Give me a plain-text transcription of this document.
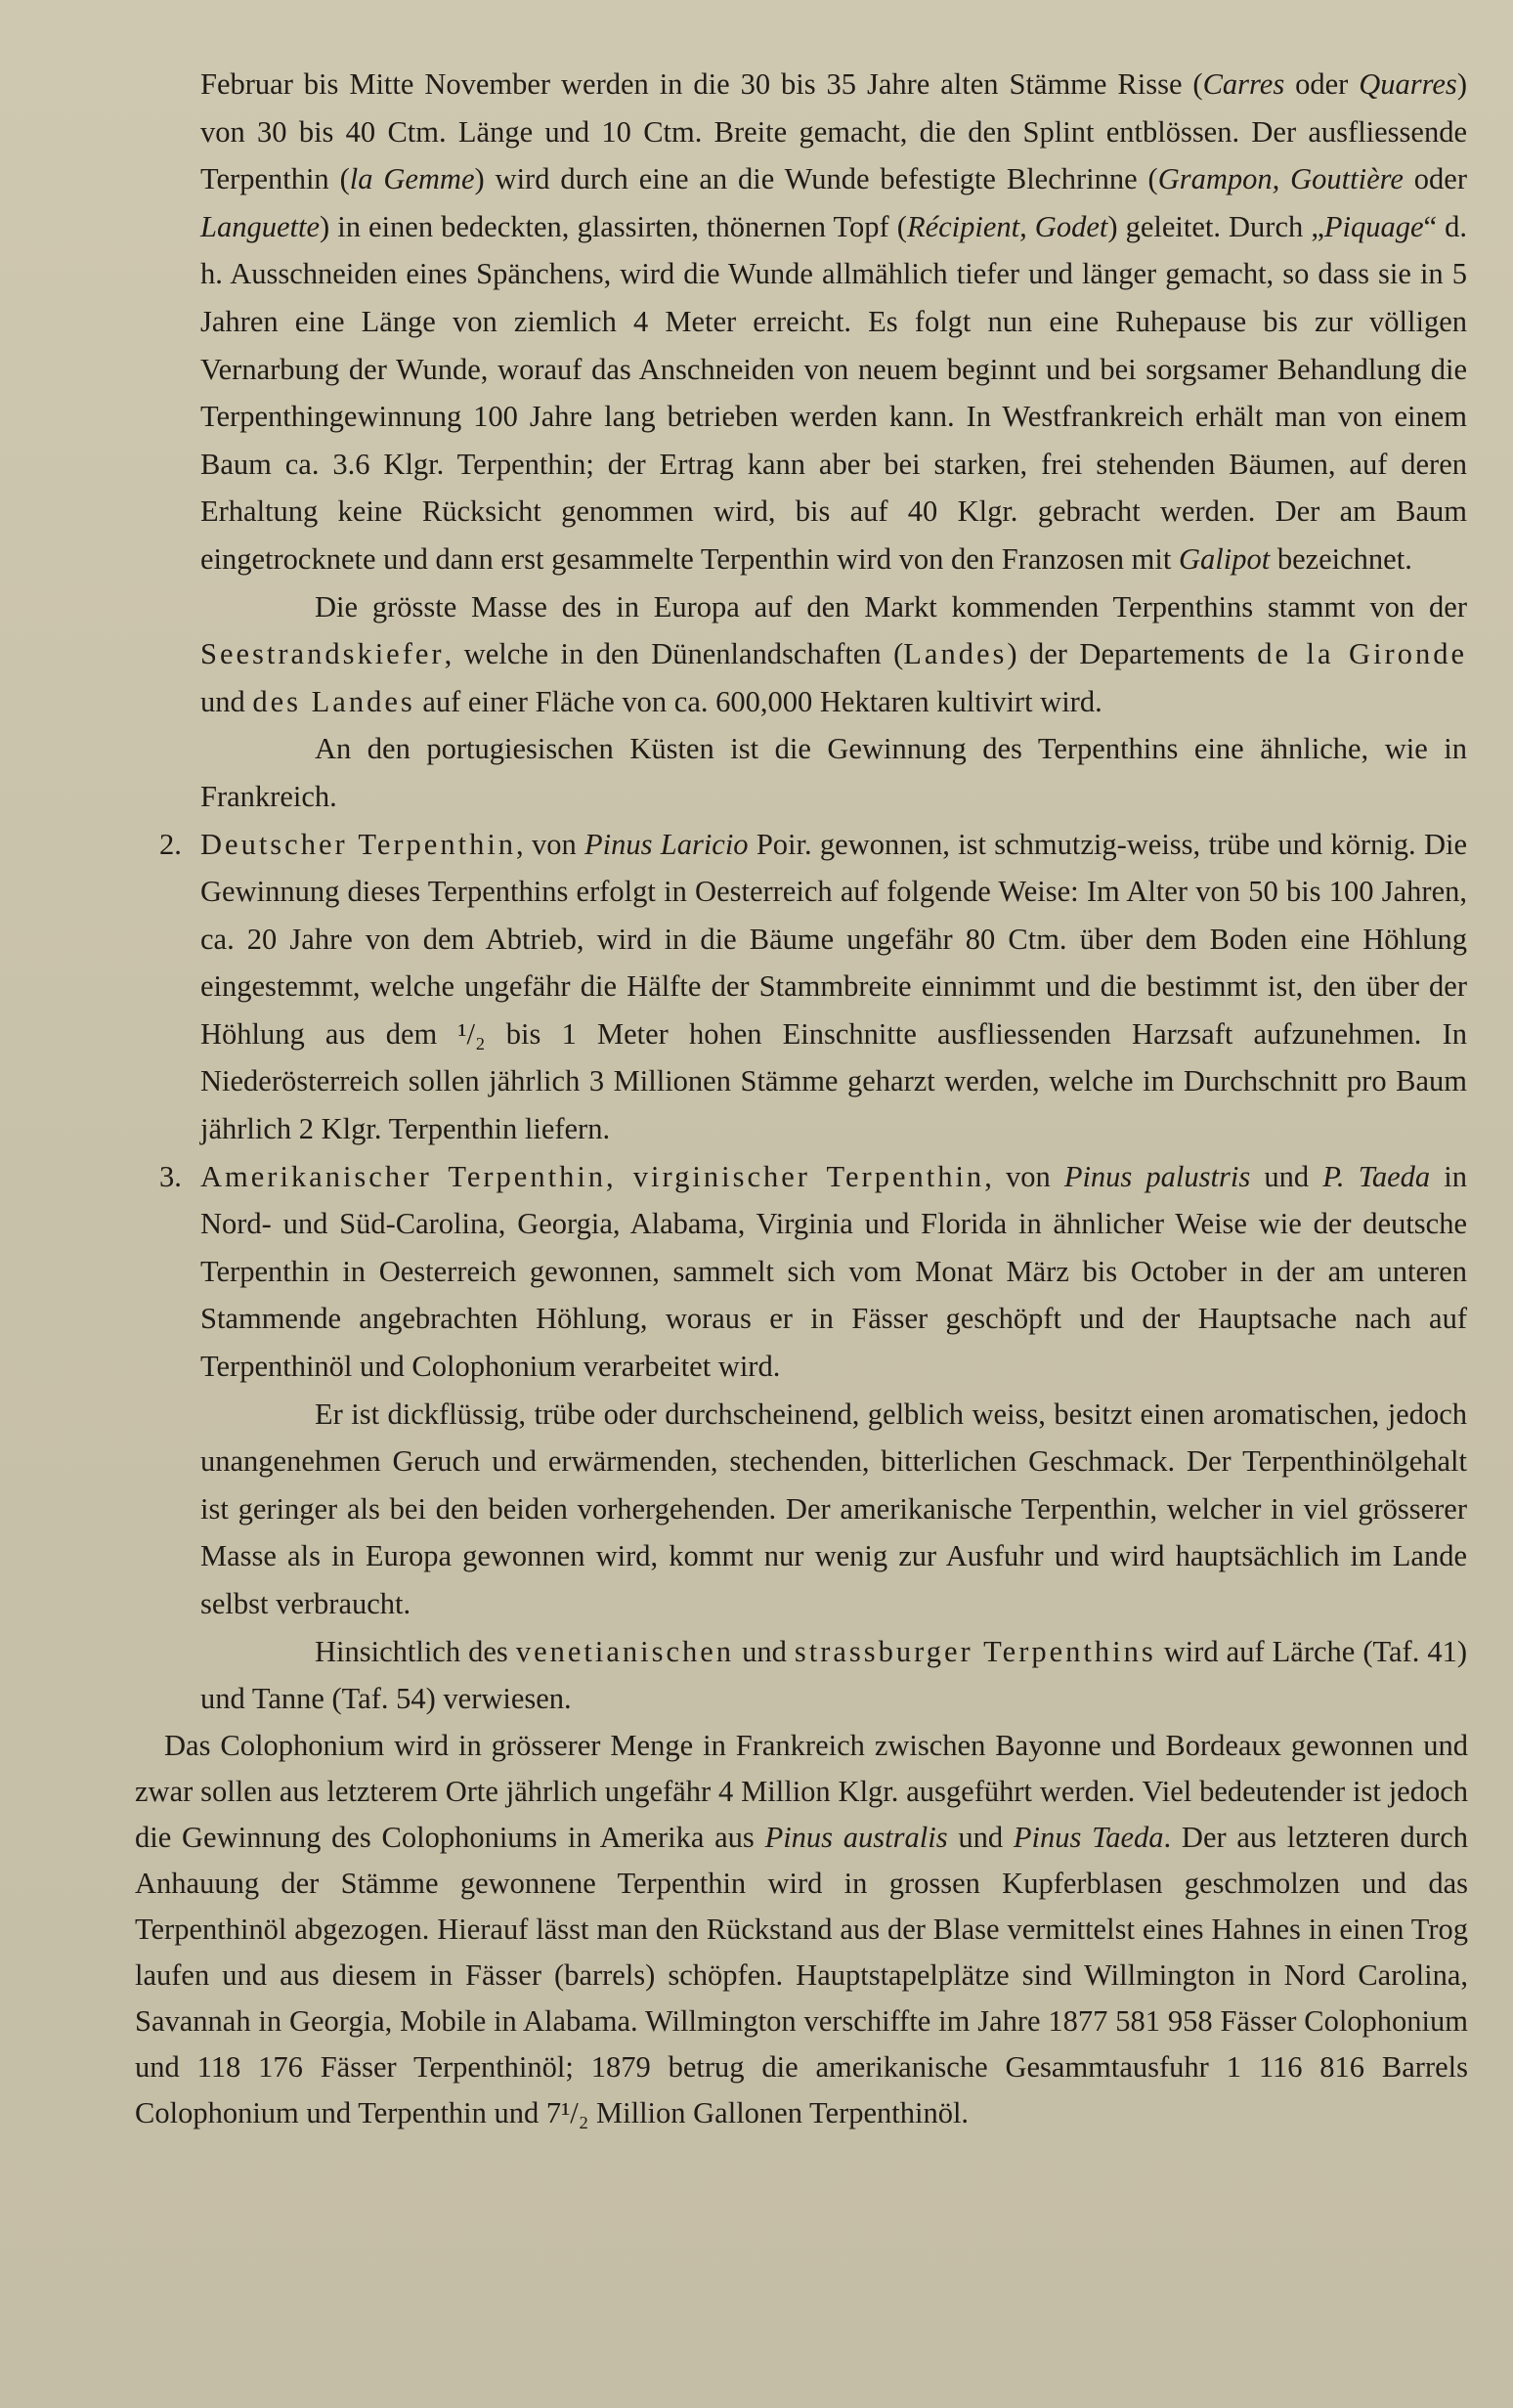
Februar bis Mitte November werden in die 30 bis 35 Jahre alten Stämme Risse (Carres oder Quarres) von 30 bis 40 Ctm. Länge und 10 Ctm. Breite gemacht, die den Splint entblössen. Der ausfliessende Terpenthin (la Gemme) wird durch eine an die Wunde befestigte Blechrinne (Grampon, Gouttière oder Languette) in einen bedeckten, glassirten, thönernen Topf (Récipient, Godet) geleitet. Durch „Piquage“ d. h. Ausschneiden eines Spänchens, wird die Wunde allmählich tiefer und länger gemacht, so dass sie in 5 Jahren eine Länge von ziemlich 4 Meter erreicht. Es folgt nun eine Ruhepause bis zur völligen Vernarbung der Wunde, worauf das Anschneiden von neuem beginnt und bei sorgsamer Behandlung die Terpenthingewinnung 100 Jahre lang betrieben werden kann. In Westfrankreich erhält man von einem Baum ca. 3.6 Klgr. Terpenthin; der Ertrag kann aber bei starken, frei stehenden Bäumen, auf deren Erhaltung keine Rücksicht genommen wird, bis auf 40 Klgr. gebracht werden. Der am Baum eingetrocknete und dann erst gesammelte Terpenthin wird von den Franzosen mit Galipot bezeichnet.

Die grösste Masse des in Europa auf den Markt kommenden Terpenthins stammt von der Seestrandskiefer, welche in den Dünenlandschaften (Landes) der Departements de la Gironde und des Landes auf einer Fläche von ca. 600,000 Hektaren kultivirt wird.

An den portugiesischen Küsten ist die Gewinnung des Terpenthins eine ähnliche, wie in Frankreich.

2. Deutscher Terpenthin, von Pinus Laricio Poir. gewonnen, ist schmutzig-weiss, trübe und körnig. Die Gewinnung dieses Terpenthins erfolgt in Oesterreich auf folgende Weise: Im Alter von 50 bis 100 Jahren, ca. 20 Jahre von dem Abtrieb, wird in die Bäume ungefähr 80 Ctm. über dem Boden eine Höhlung eingestemmt, welche ungefähr die Hälfte der Stammbreite einnimmt und die bestimmt ist, den über der Höhlung aus dem ¹/₂ bis 1 Meter hohen Einschnitte ausfliessenden Harzsaft aufzunehmen. In Niederösterreich sollen jährlich 3 Millionen Stämme geharzt werden, welche im Durchschnitt pro Baum jährlich 2 Klgr. Terpenthin liefern.

3. Amerikanischer Terpenthin, virginischer Terpenthin, von Pinus palustris und P. Taeda in Nord- und Süd-Carolina, Georgia, Alabama, Virginia und Florida in ähnlicher Weise wie der deutsche Terpenthin in Oesterreich gewonnen, sammelt sich vom Monat März bis October in der am unteren Stammende angebrachten Höhlung, woraus er in Fässer geschöpft und der Hauptsache nach auf Terpenthinöl und Colophonium verarbeitet wird.

Er ist dickflüssig, trübe oder durchscheinend, gelblich weiss, besitzt einen aromatischen, jedoch unangenehmen Geruch und erwärmenden, stechenden, bitterlichen Geschmack. Der Terpenthinölgehalt ist geringer als bei den beiden vorhergehenden. Der amerikanische Terpenthin, welcher in viel grösserer Masse als in Europa gewonnen wird, kommt nur wenig zur Ausfuhr und wird hauptsächlich im Lande selbst verbraucht.

Hinsichtlich des venetianischen und strassburger Terpenthins wird auf Lärche (Taf. 41) und Tanne (Taf. 54) verwiesen.

Das Colophonium wird in grösserer Menge in Frankreich zwischen Bayonne und Bordeaux gewonnen und zwar sollen aus letzterem Orte jährlich ungefähr 4 Million Klgr. ausgeführt werden. Viel bedeutender ist jedoch die Gewinnung des Colophoniums in Amerika aus Pinus australis und Pinus Taeda. Der aus letzteren durch Anhauung der Stämme gewonnene Terpenthin wird in grossen Kupferblasen geschmolzen und das Terpenthinöl abgezogen. Hierauf lässt man den Rückstand aus der Blase vermittelst eines Hahnes in einen Trog laufen und aus diesem in Fässer (barrels) schöpfen. Hauptstapelplätze sind Willmington in Nord Carolina, Savannah in Georgia, Mobile in Alabama. Willmington verschiffte im Jahre 1877 581 958 Fässer Colophonium und 118 176 Fässer Terpenthinöl; 1879 betrug die amerikanische Gesammtausfuhr 1 116 816 Barrels Colophonium und Terpenthin und 7¹/₂ Million Gallonen Terpenthinöl.
